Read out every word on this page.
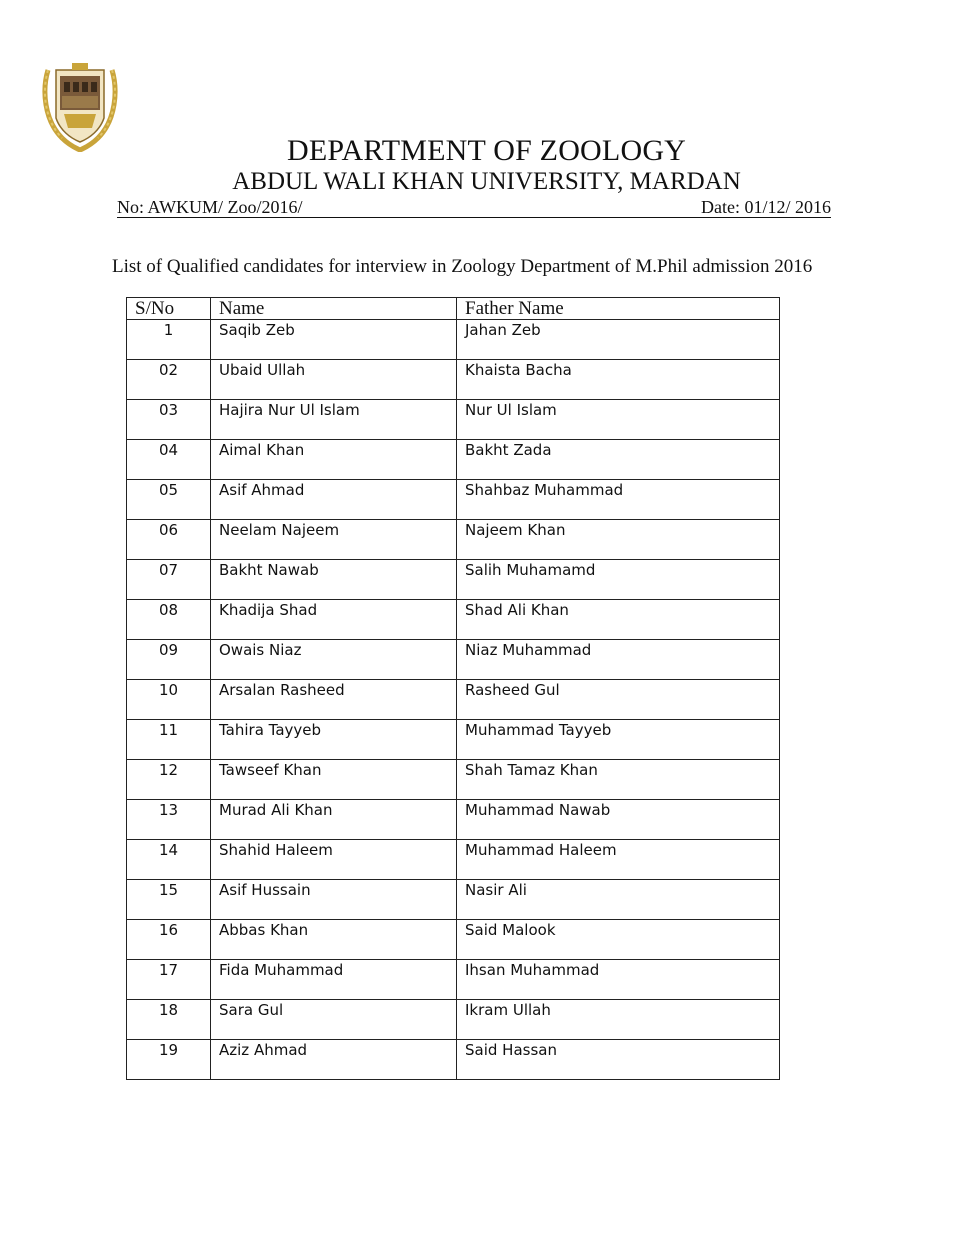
DEPARTMENT OF ZOOLOGY
ABDUL WALI KHAN UNIVERSITY, MARDAN
No: AWKUM/ Zoo/2016/	Date: 01/12/ 2016
List of Qualified candidates for interview in Zoology Department of M.Phil admission 2016
S/No	Name	Father Name
1	Saqib Zeb	Jahan Zeb
02	Ubaid Ullah	Khaista Bacha
03	Hajira Nur Ul Islam	Nur Ul Islam
04	Aimal Khan	Bakht Zada
05	Asif Ahmad	Shahbaz Muhammad
06	Neelam Najeem	Najeem Khan
07	Bakht Nawab	Salih Muhamamd
08	Khadija Shad	Shad Ali Khan
09	Owais Niaz	Niaz Muhammad
10	Arsalan Rasheed	Rasheed Gul
11	Tahira Tayyeb	Muhammad Tayyeb
12	Tawseef Khan	Shah Tamaz Khan
13	Murad Ali Khan	Muhammad Nawab
14	Shahid Haleem	Muhammad Haleem
15	Asif Hussain	Nasir Ali
16	Abbas Khan	Said Malook
17	Fida Muhammad	Ihsan Muhammad
18	Sara Gul	Ikram Ullah
19	Aziz Ahmad	Said Hassan
